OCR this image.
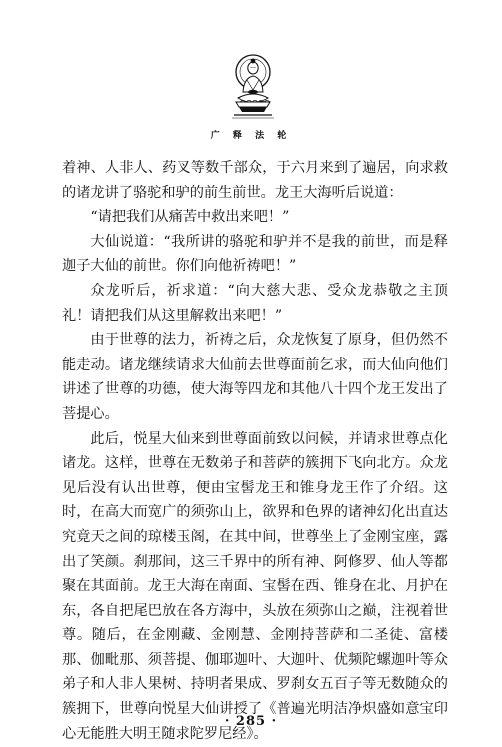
广 释 法 轮

着神、人非人、药叉等数千部众，于六月来到了遍居，向求救的诸龙讲了骆驼和驴的前生前世。龙王大海听后说道：

“请把我们从痛苦中救出来吧！”

大仙说道：“我所讲的骆驼和驴并不是我的前世，而是释迦子大仙的前世。你们向他祈祷吧！”

众龙听后，祈求道：“向大慈大悲、受众龙恭敬之主顶礼！请把我们从这里解救出来吧！”

由于世尊的法力，祈祷之后，众龙恢复了原身，但仍然不能走动。诸龙继续请求大仙前去世尊面前乞求，而大仙向他们讲述了世尊的功德，使大海等四龙和其他八十四个龙王发出了菩提心。

此后，悦星大仙来到世尊面前致以问候，并请求世尊点化诸龙。这样，世尊在无数弟子和菩萨的簇拥下飞向北方。众龙见后没有认出世尊，便由宝髻龙王和锥身龙王作了介绍。这时，在高大而宽广的须弥山上，欲界和色界的诸神幻化出直达究竟天之间的琼楼玉阁，在其中间，世尊坐上了金刚宝座，露出了笑颜。刹那间，这三千界中的所有神、阿修罗、仙人等都聚在其面前。龙王大海在南面、宝髻在西、锥身在北、月护在东，各自把尾巴放在各方海中，头放在须弥山之巅，注视着世尊。随后，在金刚藏、金刚慧、金刚持菩萨和二圣徒、富楼那、伽毗那、须菩提、伽耶迦叶、大迦叶、优频陀螺迦叶等众弟子和人非人果树、持明者果成、罗刹女五百子等无数随众的簇拥下，世尊向悦星大仙讲授了《普遍光明洁净炽盛如意宝印心无能胜大明王随求陀罗尼经》。

· 285 ·
